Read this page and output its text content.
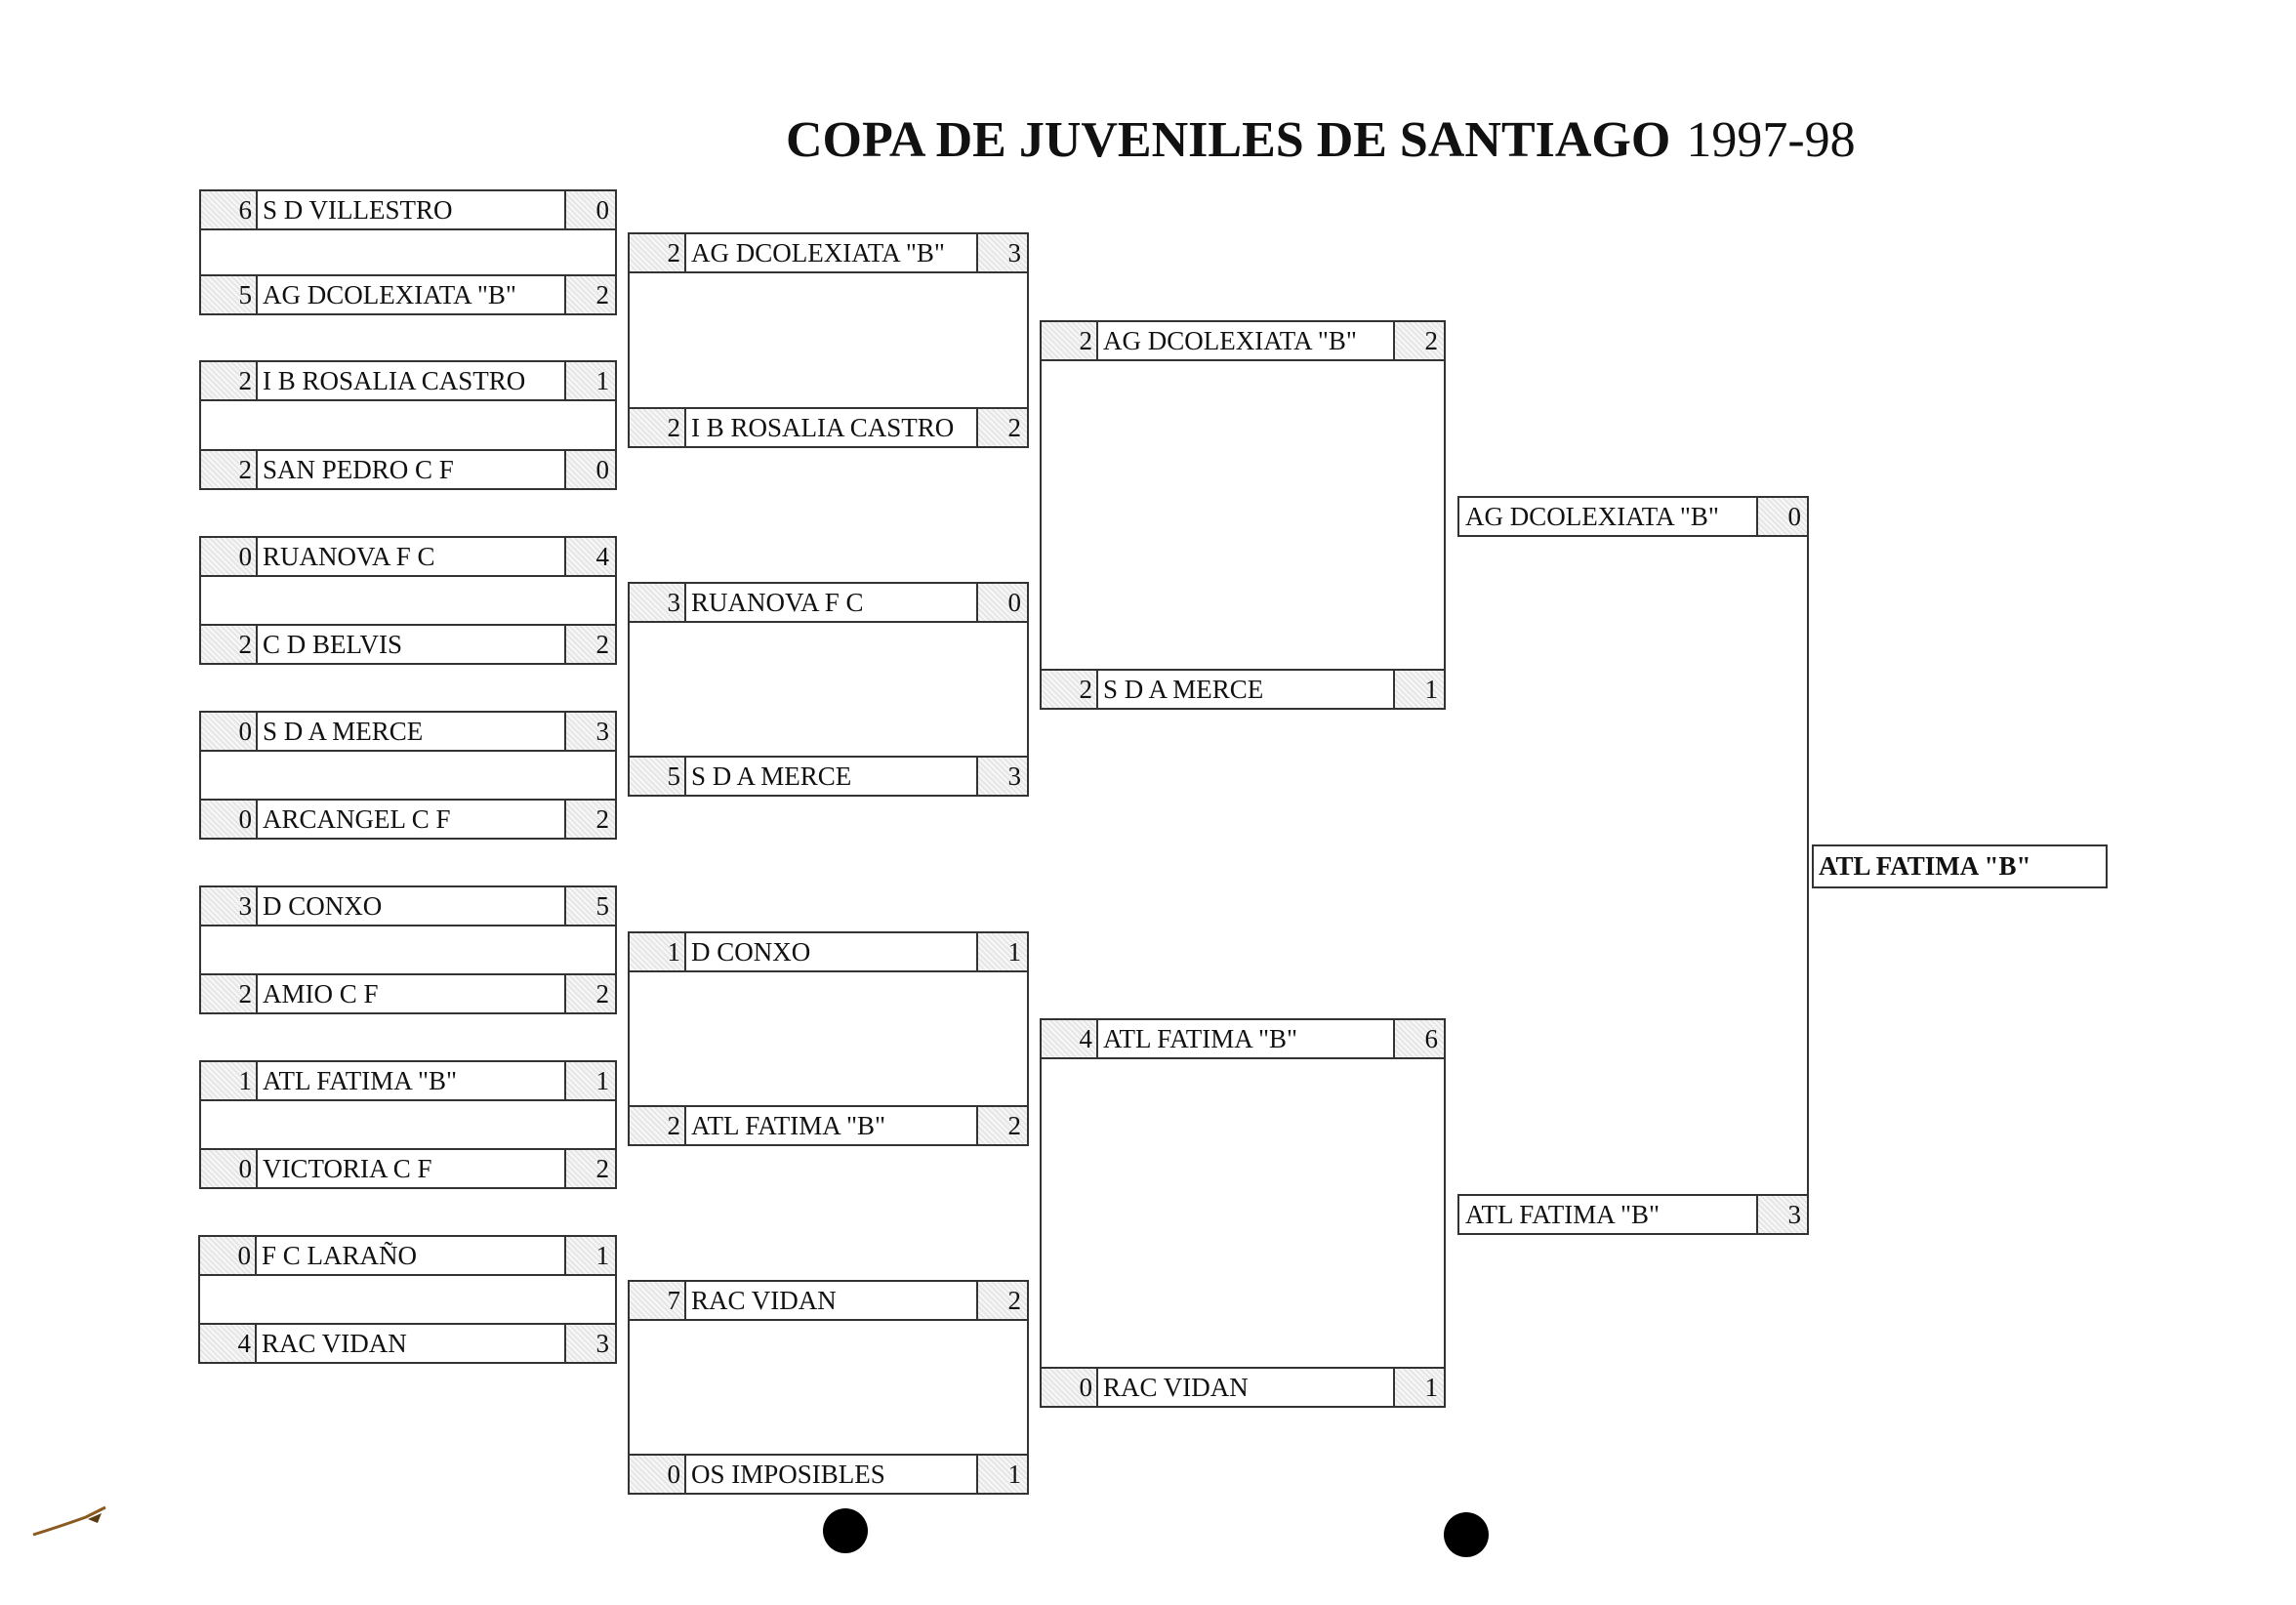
COPA DE JUVENILES DE SANTIAGO 1997-98
6 S D VILLESTRO	0
5 AG DCOLEXIATA "B"	2
2 I B ROSALIA CASTRO	1
2 SAN PEDRO C F	0
0 RUANOVA F C	4
2 C D BELVIS	2
0 S D A MERCE	3
0 ARCANGEL C F	2
3 D CONXO	5
2 AMIO C F	2
1 ATL FATIMA "B"	1
0 VICTORIA C F	2
0 F C LARAÑO	1
4 RAC VIDAN	3
2 AG DCOLEXIATA "B"	3
2 I B ROSALIA CASTRO	2
3 RUANOVA F C	0
5 S D A MERCE	3
1 D CONXO	1
2 ATL FATIMA "B"	2
7 RAC VIDAN	2
0 OS IMPOSIBLES	1
2 AG DCOLEXIATA "B"	2
2 S D A MERCE	1
4 ATL FATIMA "B"	6
0 RAC VIDAN	1
AG DCOLEXIATA "B"	0
ATL FATIMA "B"	3
ATL FATIMA "B"
